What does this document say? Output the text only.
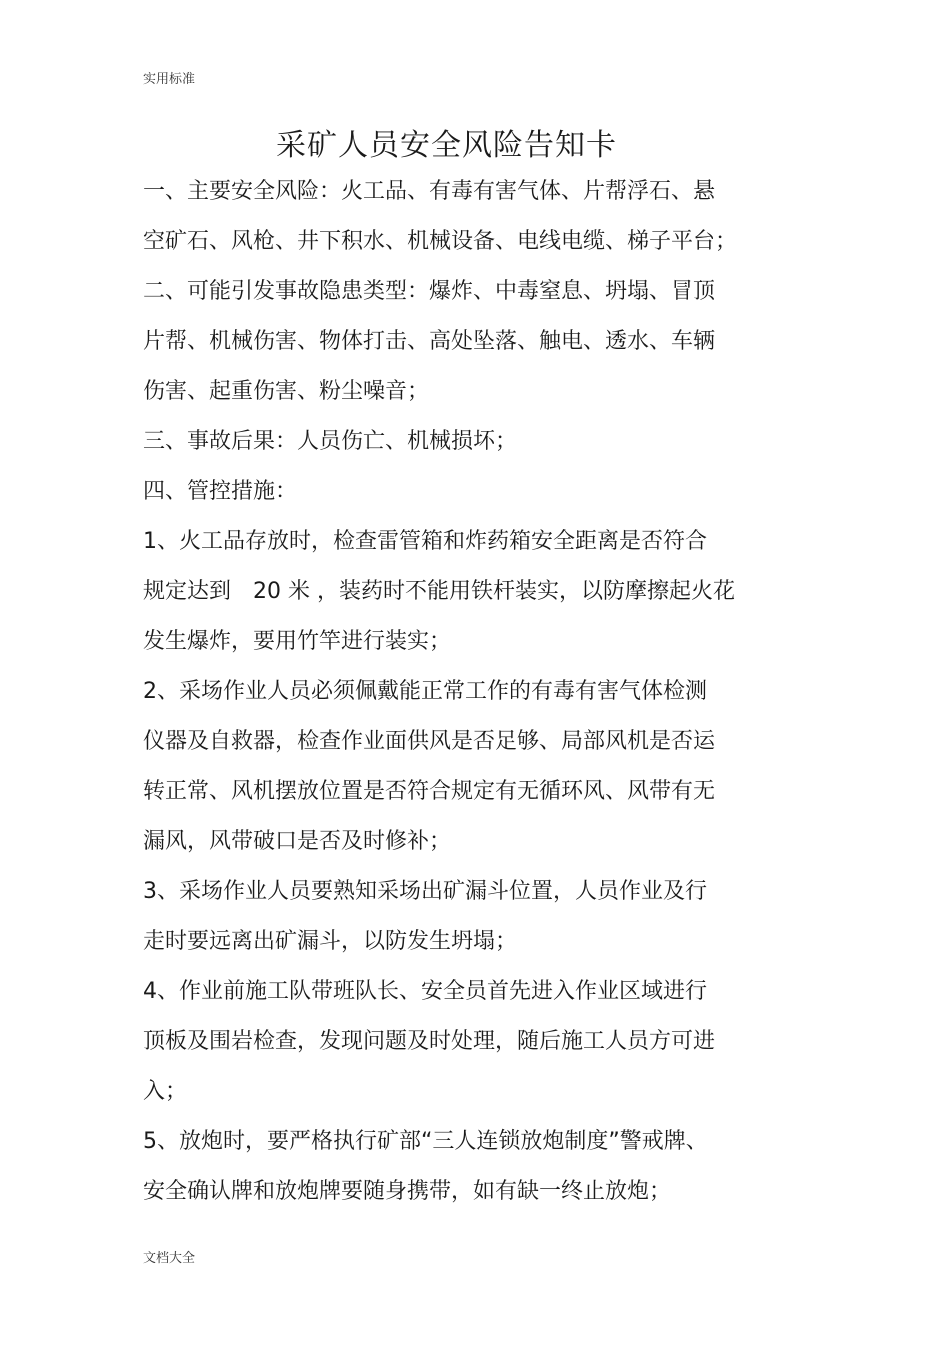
实用标准
采矿人员安全风险告知卡
一、主要安全风险：火工品、有毒有害气体、片帮浮石、悬
空矿石、风枪、井下积水、机械设备、电线电缆、梯子平台；
二、可能引发事故隐患类型：爆炸、中毒窒息、坍塌、冒顶
片帮、机械伤害、物体打击、高处坠落、触电、透水、车辆
伤害、起重伤害、粉尘噪音；
三、事故后果：人员伤亡、机械损坏；
四、管控措施：
1、火工品存放时，检查雷管箱和炸药箱安全距离是否符合
规定达到　20 米 ，装药时不能用铁杆装实，以防摩擦起火花
发生爆炸，要用竹竿进行装实；
2、采场作业人员必须佩戴能正常工作的有毒有害气体检测
仪器及自救器，检查作业面供风是否足够、局部风机是否运
转正常、风机摆放位置是否符合规定有无循环风、风带有无
漏风，风带破口是否及时修补；
3、采场作业人员要熟知采场出矿漏斗位置，人员作业及行
走时要远离出矿漏斗，以防发生坍塌；
4、作业前施工队带班队长、安全员首先进入作业区域进行
顶板及围岩检查，发现问题及时处理，随后施工人员方可进
入；
5、放炮时，要严格执行矿部“三人连锁放炮制度”警戒牌、
安全确认牌和放炮牌要随身携带，如有缺一终止放炮；
文档大全
